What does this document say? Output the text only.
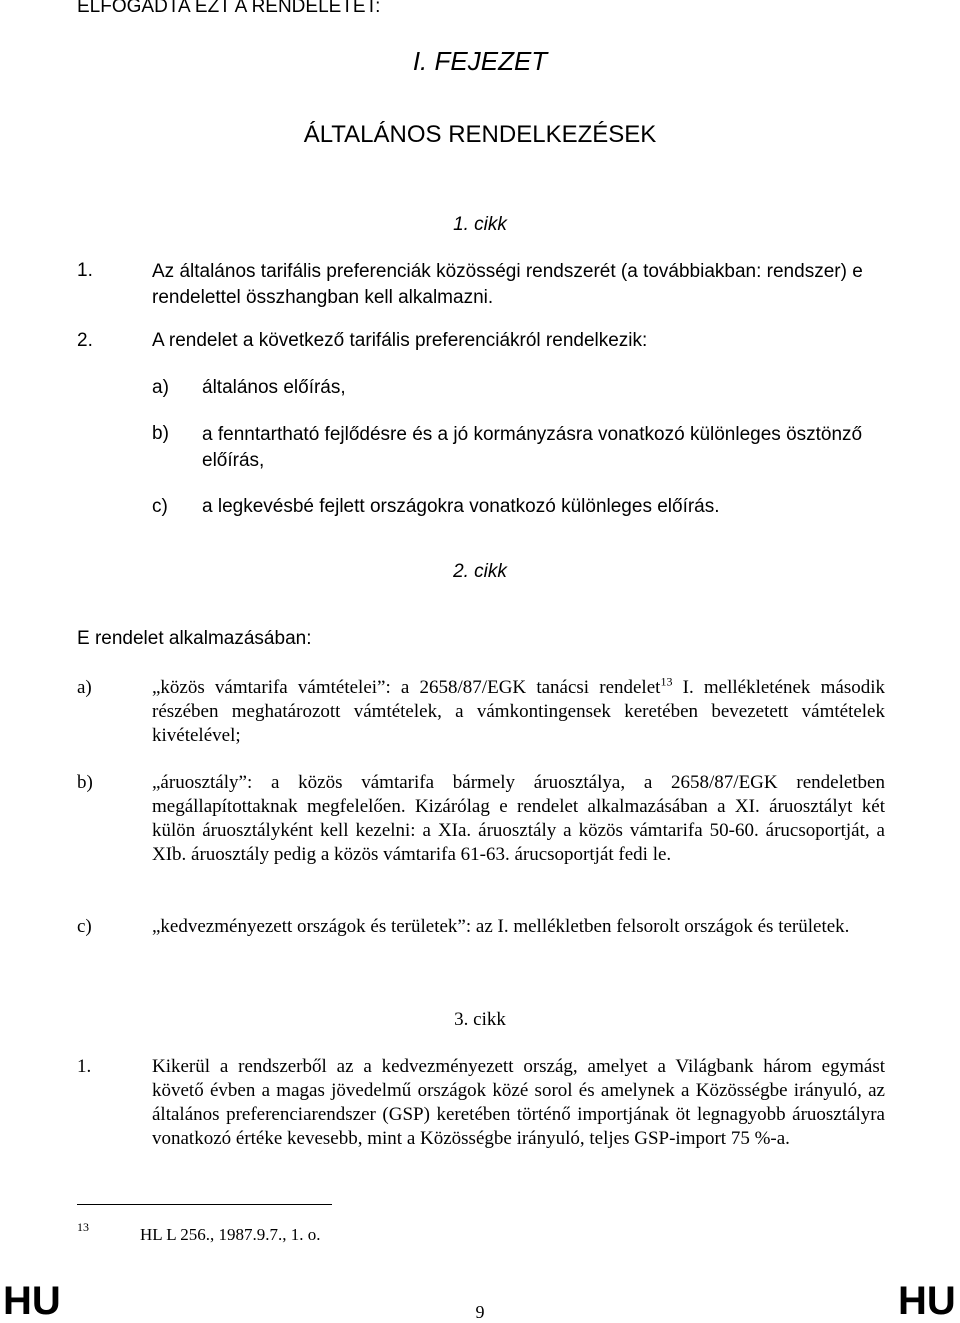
ELFOGADTA EZT A RENDELETET:
I. FEJEZET
ÁLTALÁNOS RENDELKEZÉSEK
1. cikk
1.	Az általános tarifális preferenciák közösségi rendszerét (a továbbiakban: rendszer) e rendelettel összhangban kell alkalmazni.
2.	A rendelet a következő tarifális preferenciákról rendelkezik:
a) általános előírás,
b) a fenntartható fejlődésre és a jó kormányzásra vonatkozó különleges ösztönző előírás,
c) a legkevésbé fejlett országokra vonatkozó különleges előírás.
2. cikk
E rendelet alkalmazásában:
a)	„közös vámtarifa vámtételei”: a 2658/87/EGK tanácsi rendelet$^{13}$ I. mellékletének második részében meghatározott vámtételek, a vámkontingensek keretében bevezetett vámtételek kivételével;
b)	„áruosztály”: a közös vámtarifa bármely áruosztálya, a 2658/87/EGK rendeletben megállapítottaknak megfelelően. Kizárólag e rendelet alkalmazásában a XI. áruosztályt két külön áruosztályként kell kezelni: a XIa. áruosztály a közös vámtarifa 50-60. árucsoportját, a XIb. áruosztály pedig a közös vámtarifa 61-63. árucsoportját fedi le.
c)	„kedvezményezett országok és területek”: az I. mellékletben felsorolt országok és területek.
3. cikk
1.	Kikerül a rendszerből az a kedvezményezett ország, amelyet a Világbank három egymást követő évben a magas jövedelmű országok közé sorol és amelynek a Közösségbe irányuló, az általános preferenciarendszer (GSP) keretében történő importjának öt legnagyobb áruosztályra vonatkozó értéke kevesebb, mint a Közösségbe irányuló, teljes GSP-import 75 %-a.
13	HL L 256., 1987.9.7., 1. o.
HU	9	HU
